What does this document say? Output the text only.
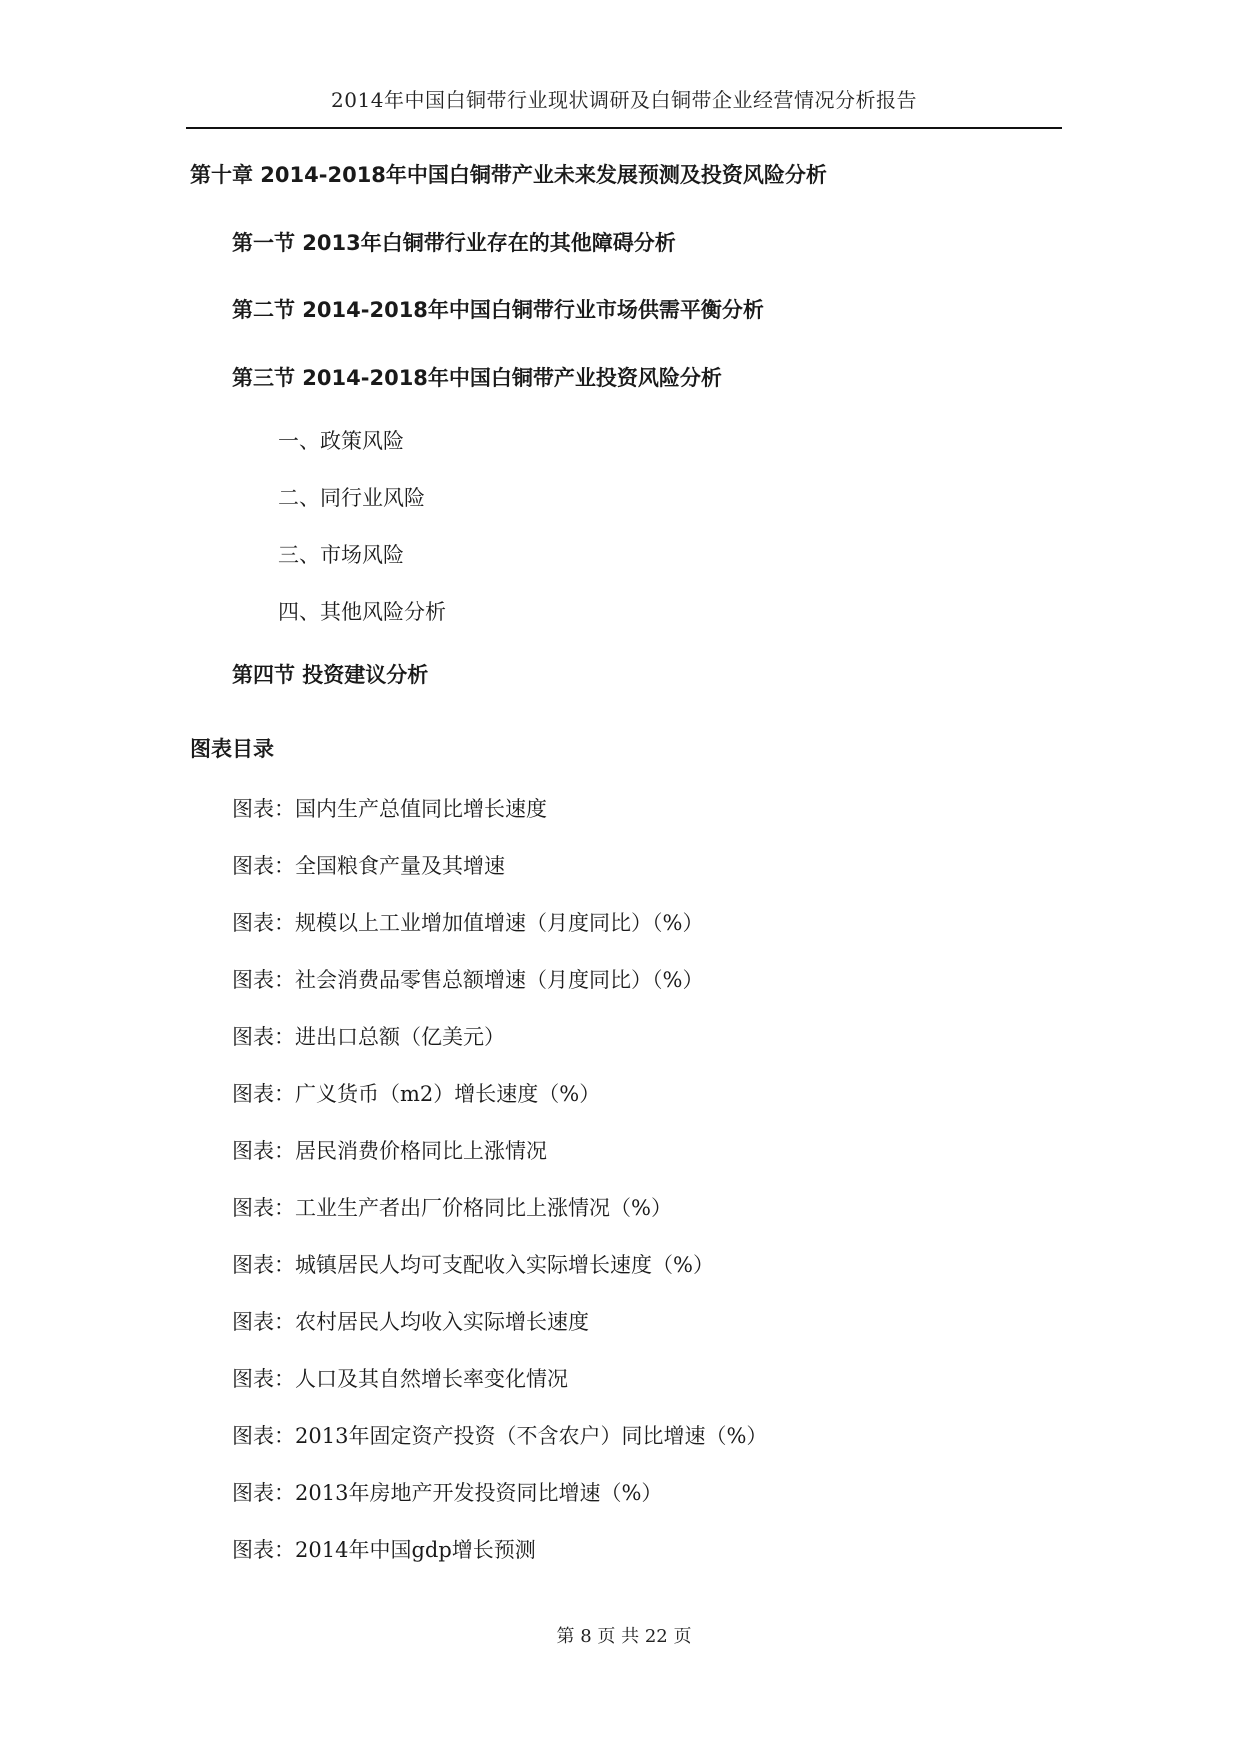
2014年中国白铜带行业现状调研及白铜带企业经营情况分析报告
第十章 2014-2018年中国白铜带产业未来发展预测及投资风险分析
第一节 2013年白铜带行业存在的其他障碍分析
第二节 2014-2018年中国白铜带行业市场供需平衡分析
第三节 2014-2018年中国白铜带产业投资风险分析
一、政策风险
二、同行业风险
三、市场风险
四、其他风险分析
第四节 投资建议分析
图表目录
图表：国内生产总值同比增长速度
图表：全国粮食产量及其增速
图表：规模以上工业增加值增速（月度同比）（%）
图表：社会消费品零售总额增速（月度同比）（%）
图表：进出口总额（亿美元）
图表：广义货币（m2）增长速度（%）
图表：居民消费价格同比上涨情况
图表：工业生产者出厂价格同比上涨情况（%）
图表：城镇居民人均可支配收入实际增长速度（%）
图表：农村居民人均收入实际增长速度
图表：人口及其自然增长率变化情况
图表：2013年固定资产投资（不含农户）同比增速（%）
图表：2013年房地产开发投资同比增速（%）
图表：2014年中国gdp增长预测
第 8 页 共 22 页
